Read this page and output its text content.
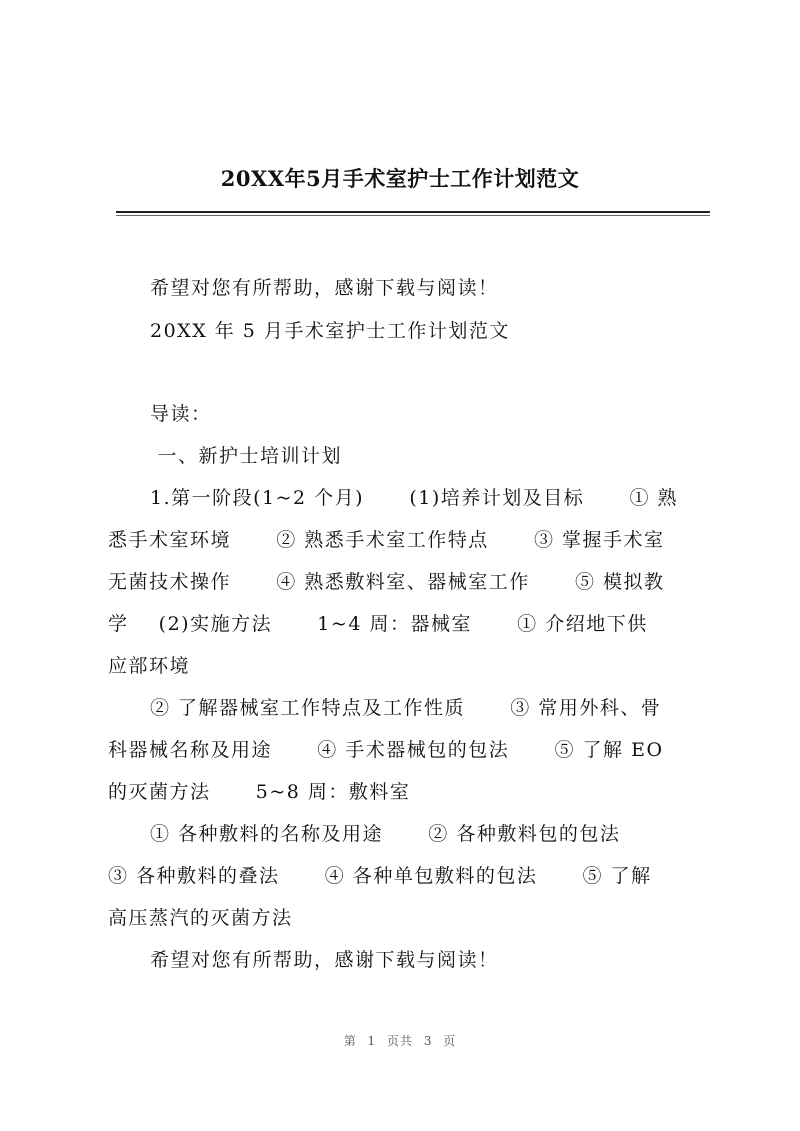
20XX年5月手术室护士工作计划范文

希望对您有所帮助，感谢下载与阅读！

20XX 年 5 月手术室护士工作计划范文

导读：

一、新护士培训计划

1.第一阶段(1~2 个月)      (1)培养计划及目标      ① 熟

悉手术室环境      ② 熟悉手术室工作特点      ③ 掌握手术室

无菌技术操作      ④ 熟悉敷料室、器械室工作      ⑤ 模拟教

学    (2)实施方法      1~4 周：器械室      ① 介绍地下供

应部环境

② 了解器械室工作特点及工作性质      ③ 常用外科、骨

科器械名称及用途      ④ 手术器械包的包法      ⑤ 了解 EO

的灭菌方法      5~8 周：敷料室

① 各种敷料的名称及用途      ② 各种敷料包的包法

③ 各种敷料的叠法      ④ 各种单包敷料的包法      ⑤ 了解

高压蒸汽的灭菌方法

希望对您有所帮助，感谢下载与阅读！

第 1 页共 3 页
